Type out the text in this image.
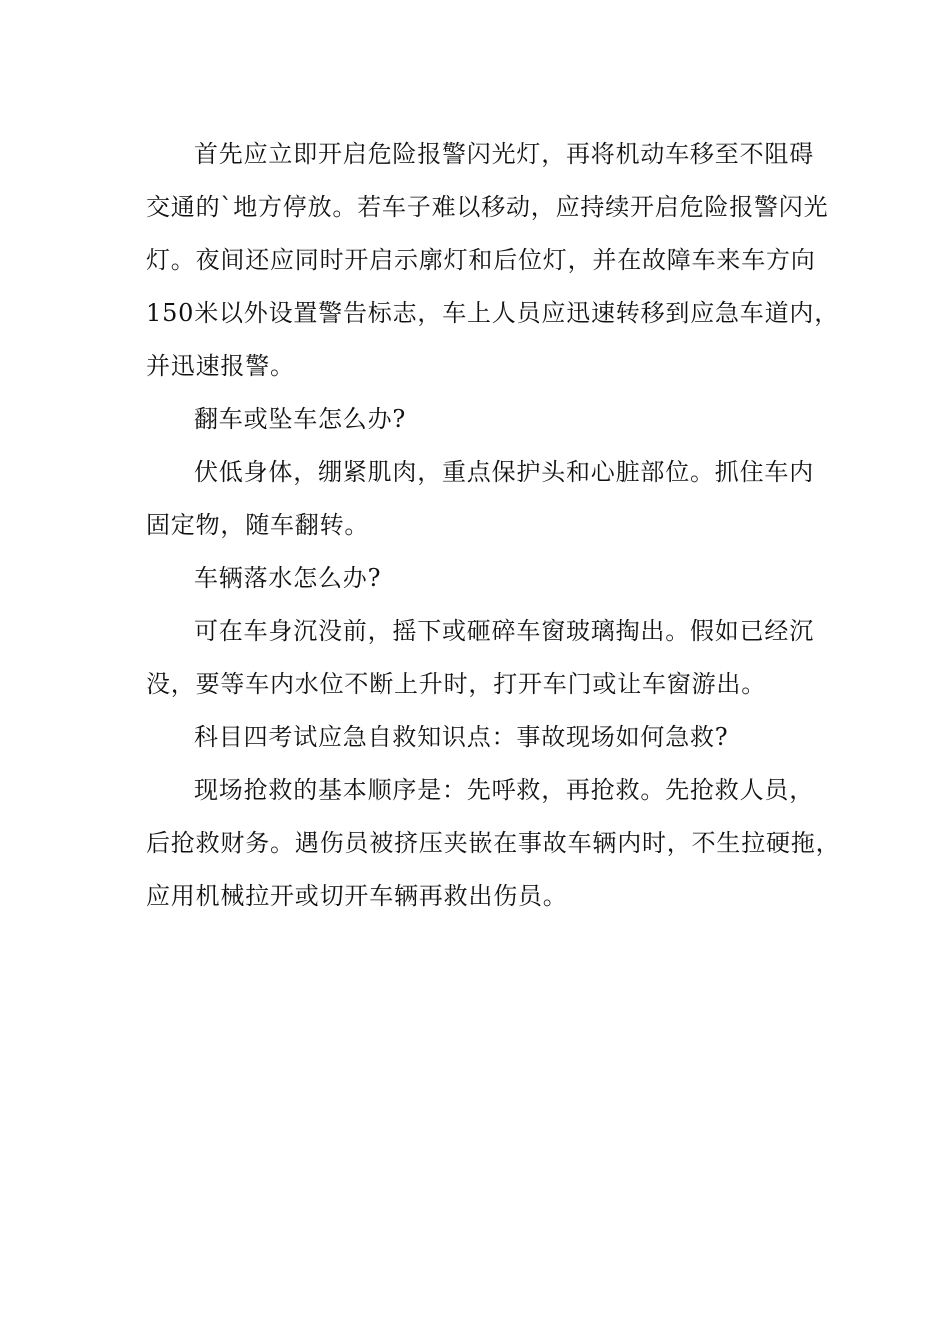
首先应立即开启危险报警闪光灯，再将机动车移至不阻碍
交通的`地方停放。若车子难以移动，应持续开启危险报警闪光
灯。夜间还应同时开启示廓灯和后位灯，并在故障车来车方向
150米以外设置警告标志，车上人员应迅速转移到应急车道内，
并迅速报警。

翻车或坠车怎么办?

伏低身体，绷紧肌肉，重点保护头和心脏部位。抓住车内
固定物，随车翻转。

车辆落水怎么办?

可在车身沉没前，摇下或砸碎车窗玻璃掏出。假如已经沉
没，要等车内水位不断上升时，打开车门或让车窗游出。

科目四考试应急自救知识点：事故现场如何急救?

现场抢救的基本顺序是：先呼救，再抢救。先抢救人员，
后抢救财务。遇伤员被挤压夹嵌在事故车辆内时，不生拉硬拖，
应用机械拉开或切开车辆再救出伤员。
